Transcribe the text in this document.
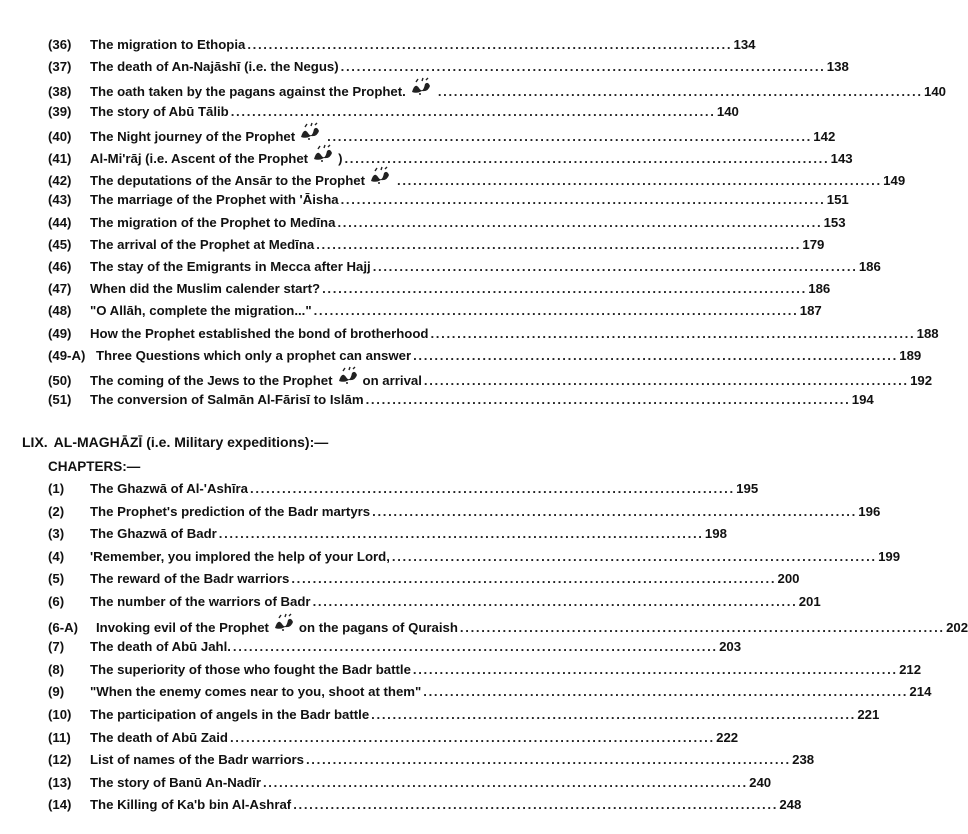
(36)	The migration to Ethopia . . .	134
(37)	The death of An-Najāshī (i.e. the Negus) . . .	138
(38)	The oath taken by the pagans against the Prophet. . . .	140
(39)	The story of Abū Tālib . . .	140
(40)	The Night journey of the Prophet . . .	142
(41)	Al-Mi'rāj (i.e. Ascent of the Prophet ) . . .	143
(42)	The deputations of the Ansār to the Prophet . . .	149
(43)	The marriage of the Prophet with 'Āisha . . .	151
(44)	The migration of the Prophet to Medīna . . .	153
(45)	The arrival of the Prophet at Medīna . . .	179
(46)	The stay of the Emigrants in Mecca after Hajj . . .	186
(47)	When did the Muslim calender start? . . .	186
(48)	"O Allāh, complete the migration..." . . .	187
(49)	How the Prophet established the bond of brotherhood . . .	188
(49-A) Three Questions which only a prophet can answer . . .	189
(50)	The coming of the Jews to the Prophet on arrival . . .	192
(51)	The conversion of Salmān Al-Fārisī to Islām . . .	194
LIX. AL-MAGHĀZĪ (i.e. Military expeditions):—
CHAPTERS:—
(1)	The Ghazwā of Al-'Ashīra . . .	195
(2)	The Prophet's prediction of the Badr martyrs . . .	196
(3)	The Ghazwā of Badr . . .	198
(4)	'Remember, you implored the help of your Lord, . . .	199
(5)	The reward of the Badr warriors . . .	200
(6)	The number of the warriors of Badr . . .	201
(6-A)	Invoking evil of the Prophet on the pagans of Quraish . . .	202
(7)	The death of Abū Jahl. . . .	203
(8)	The superiority of those who fought the Badr battle . . .	212
(9)	"When the enemy comes near to you, shoot at them" . . .	214
(10)	The participation of angels in the Badr battle . . .	221
(11)	The death of Abū Zaid . . .	222
(12)	List of names of the Badr warriors . . .	238
(13)	The story of Banū An-Nadīr . . .	240
(14)	The Killing of Ka'b bin Al-Ashraf . . .	248
